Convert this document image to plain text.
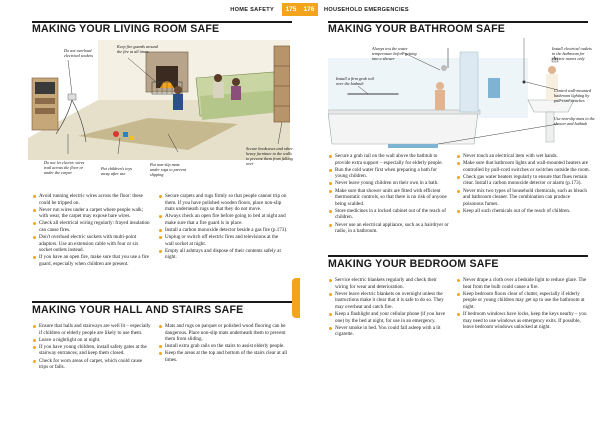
HOME SAFETY	175
MAKING YOUR LIVING ROOM SAFE
Do not overload electrical sockets
Keep fire guards around the fire at all times
Do not let electric wires trail across the floor or under the carpet
Put children's toys away after use
Put non-slip mats under rugs to prevent slipping
Secure bookcases and other heavy furniture to the walls to prevent them from falling over
Avoid running electric wires across the floor: these could be tripped on.
Never run wires under a carpet where people walk; with wear, the carpet may expose bare wires.
Check all electrical wiring regularly: frayed insulation can cause fires.
Don't overload electric sockets with multi-point adaptors. Use an extension cable with four or six socket outlets instead.
If you have an open fire, make sure that you use a fire guard, especially when children are present.
Secure carpets and rugs firmly so that people cannot trip on them. If you have polished wooden floors, place non-slip mats underneath rugs so that they do not move.
Always check an open fire before going to bed at night and make sure that a fire guard is in place.
Install a carbon monoxide detector beside a gas fire (p.173).
Unplug or switch off electric fires and televisions at the wall socket at night.
Empty all ashtrays and dispose of their contents safely at night.
MAKING YOUR HALL AND STAIRS SAFE
Ensure that halls and stairways are well lit – especially if children or elderly people are likely to use them.
Leave a nightlight on at night.
If you have young children, install safety gates at the stairway entrances, and keep them closed.
Check for worn areas of carpet, which could cause trips or falls.
Mats and rugs on parquet or polished wood flooring can be dangerous. Place non-slip mats underneath them to prevent them from sliding.
Install extra grab rails on the stairs to assist elderly people.
Keep the areas at the top and bottom of the stairs clear at all times.
176	HOUSEHOLD EMERGENCIES
MAKING YOUR BATHROOM SAFE
Always test the water temperature before getting into a shower
Install a firm grab rail over the bathtub
Install electrical outlets in the bathroom for electric razors only
Control wall-mounted bathroom lighting by pull-cord switches
Use non-slip mats in the shower and bathtub
Secure a grab rail on the wall above the bathtub to provide extra support – especially for elderly people.
Run the cold water first when preparing a bath for young children.
Never leave young children on their own in a bath.
Make sure that shower units are fitted with efficient thermostatic controls, so that there is no risk of anyone being scalded.
Store medicines in a locked cabinet out of the reach of children.
Never use an electrical appliance, such as a hairdryer or radio, in a bathroom.
Never touch an electrical item with wet hands.
Make sure that bathroom lights and wall-mounted heaters are controlled by pull-cord switches or switches outside the room.
Check gas water heaters regularly to ensure that flues remain clear. Install a carbon monoxide detector or alarm (p.173).
Never mix two types of household chemicals, such as bleach and bathroom cleaner. The combination can produce poisonous fumes.
Keep all such chemicals out of the reach of children.
MAKING YOUR BEDROOM SAFE
Service electric blankets regularly and check their wiring for wear and deterioration.
Never leave electric blankets on overnight unless the instructions make it clear that it is safe to do so. They may overheat and catch fire.
Keep a flashlight and your cellular phone (if you have one) by the bed at night, for use in an emergency.
Never smoke in bed. You could fall asleep with a lit cigarette.
Never drape a cloth over a bedside light to reduce glare. The heat from the bulb could cause a fire.
Keep bedroom floors clear of clutter, especially if elderly people or young children may get up to use the bathroom at night.
If bedroom windows have locks, keep the keys nearby – you may need to use windows as emergency exits. If possible, leave bedroom windows unlocked at night.
